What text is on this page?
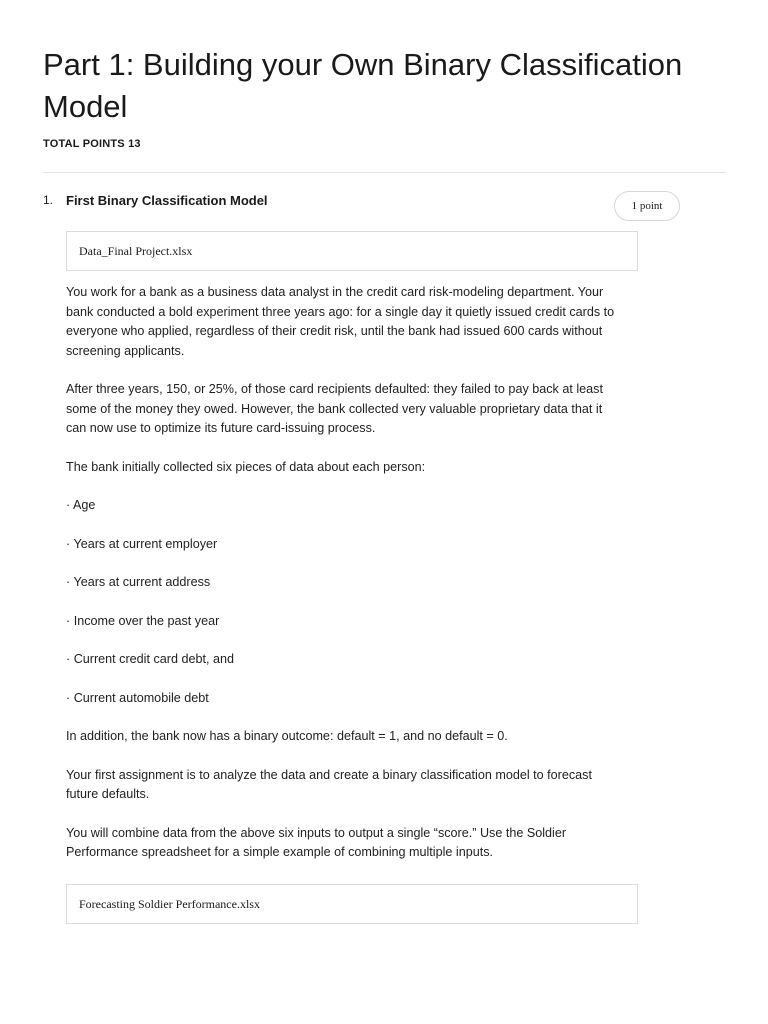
Part 1: Building your Own Binary Classification Model
TOTAL POINTS 13
1. First Binary Classification Model	1 point
Data_Final Project.xlsx

You work for a bank as a business data analyst in the credit card risk-modeling department. Your bank conducted a bold experiment three years ago: for a single day it quietly issued credit cards to everyone who applied, regardless of their credit risk, until the bank had issued 600 cards without screening applicants.

After three years, 150, or 25%, of those card recipients defaulted: they failed to pay back at least some of the money they owed. However, the bank collected very valuable proprietary data that it can now use to optimize its future card-issuing process.

The bank initially collected six pieces of data about each person:

· Age

· Years at current employer

· Years at current address

· Income over the past year

· Current credit card debt, and

· Current automobile debt

In addition, the bank now has a binary outcome: default = 1, and no default = 0.

Your first assignment is to analyze the data and create a binary classification model to forecast future defaults.

You will combine data from the above six inputs to output a single “score.” Use the Soldier Performance spreadsheet for a simple example of combining multiple inputs.

Forecasting Soldier Performance.xlsx
